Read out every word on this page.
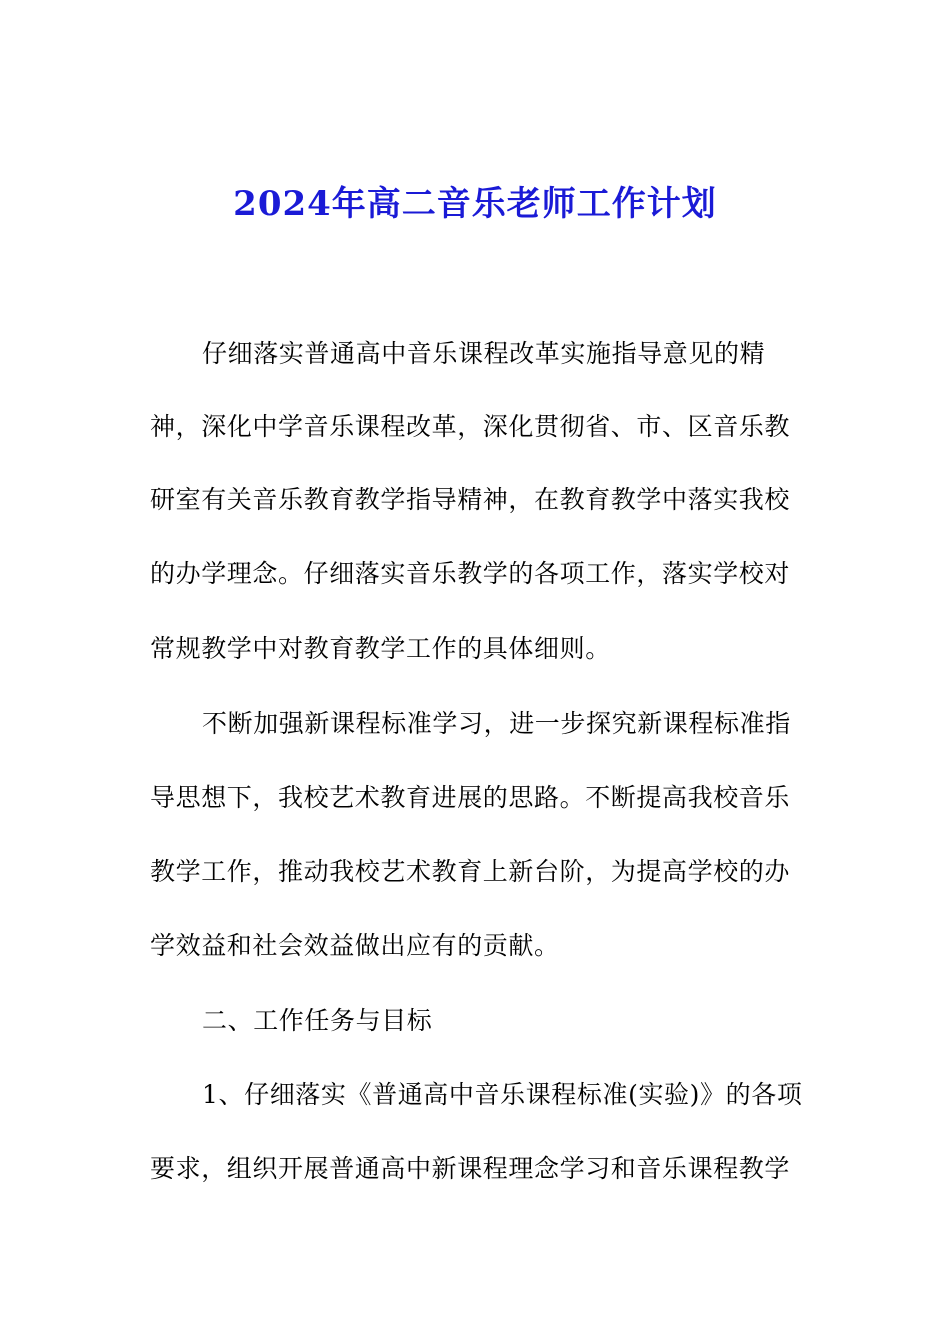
2024年高二音乐老师工作计划

仔细落实普通高中音乐课程改革实施指导意见的精

神，深化中学音乐课程改革，深化贯彻省、市、区音乐教

研室有关音乐教育教学指导精神，在教育教学中落实我校

的办学理念。仔细落实音乐教学的各项工作，落实学校对

常规教学中对教育教学工作的具体细则。

不断加强新课程标准学习，进一步探究新课程标准指

导思想下，我校艺术教育进展的思路。不断提高我校音乐

教学工作，推动我校艺术教育上新台阶，为提高学校的办

学效益和社会效益做出应有的贡献。

二、工作任务与目标

1、仔细落实《普通高中音乐课程标准(实验)》的各项

要求，组织开展普通高中新课程理念学习和音乐课程教学
